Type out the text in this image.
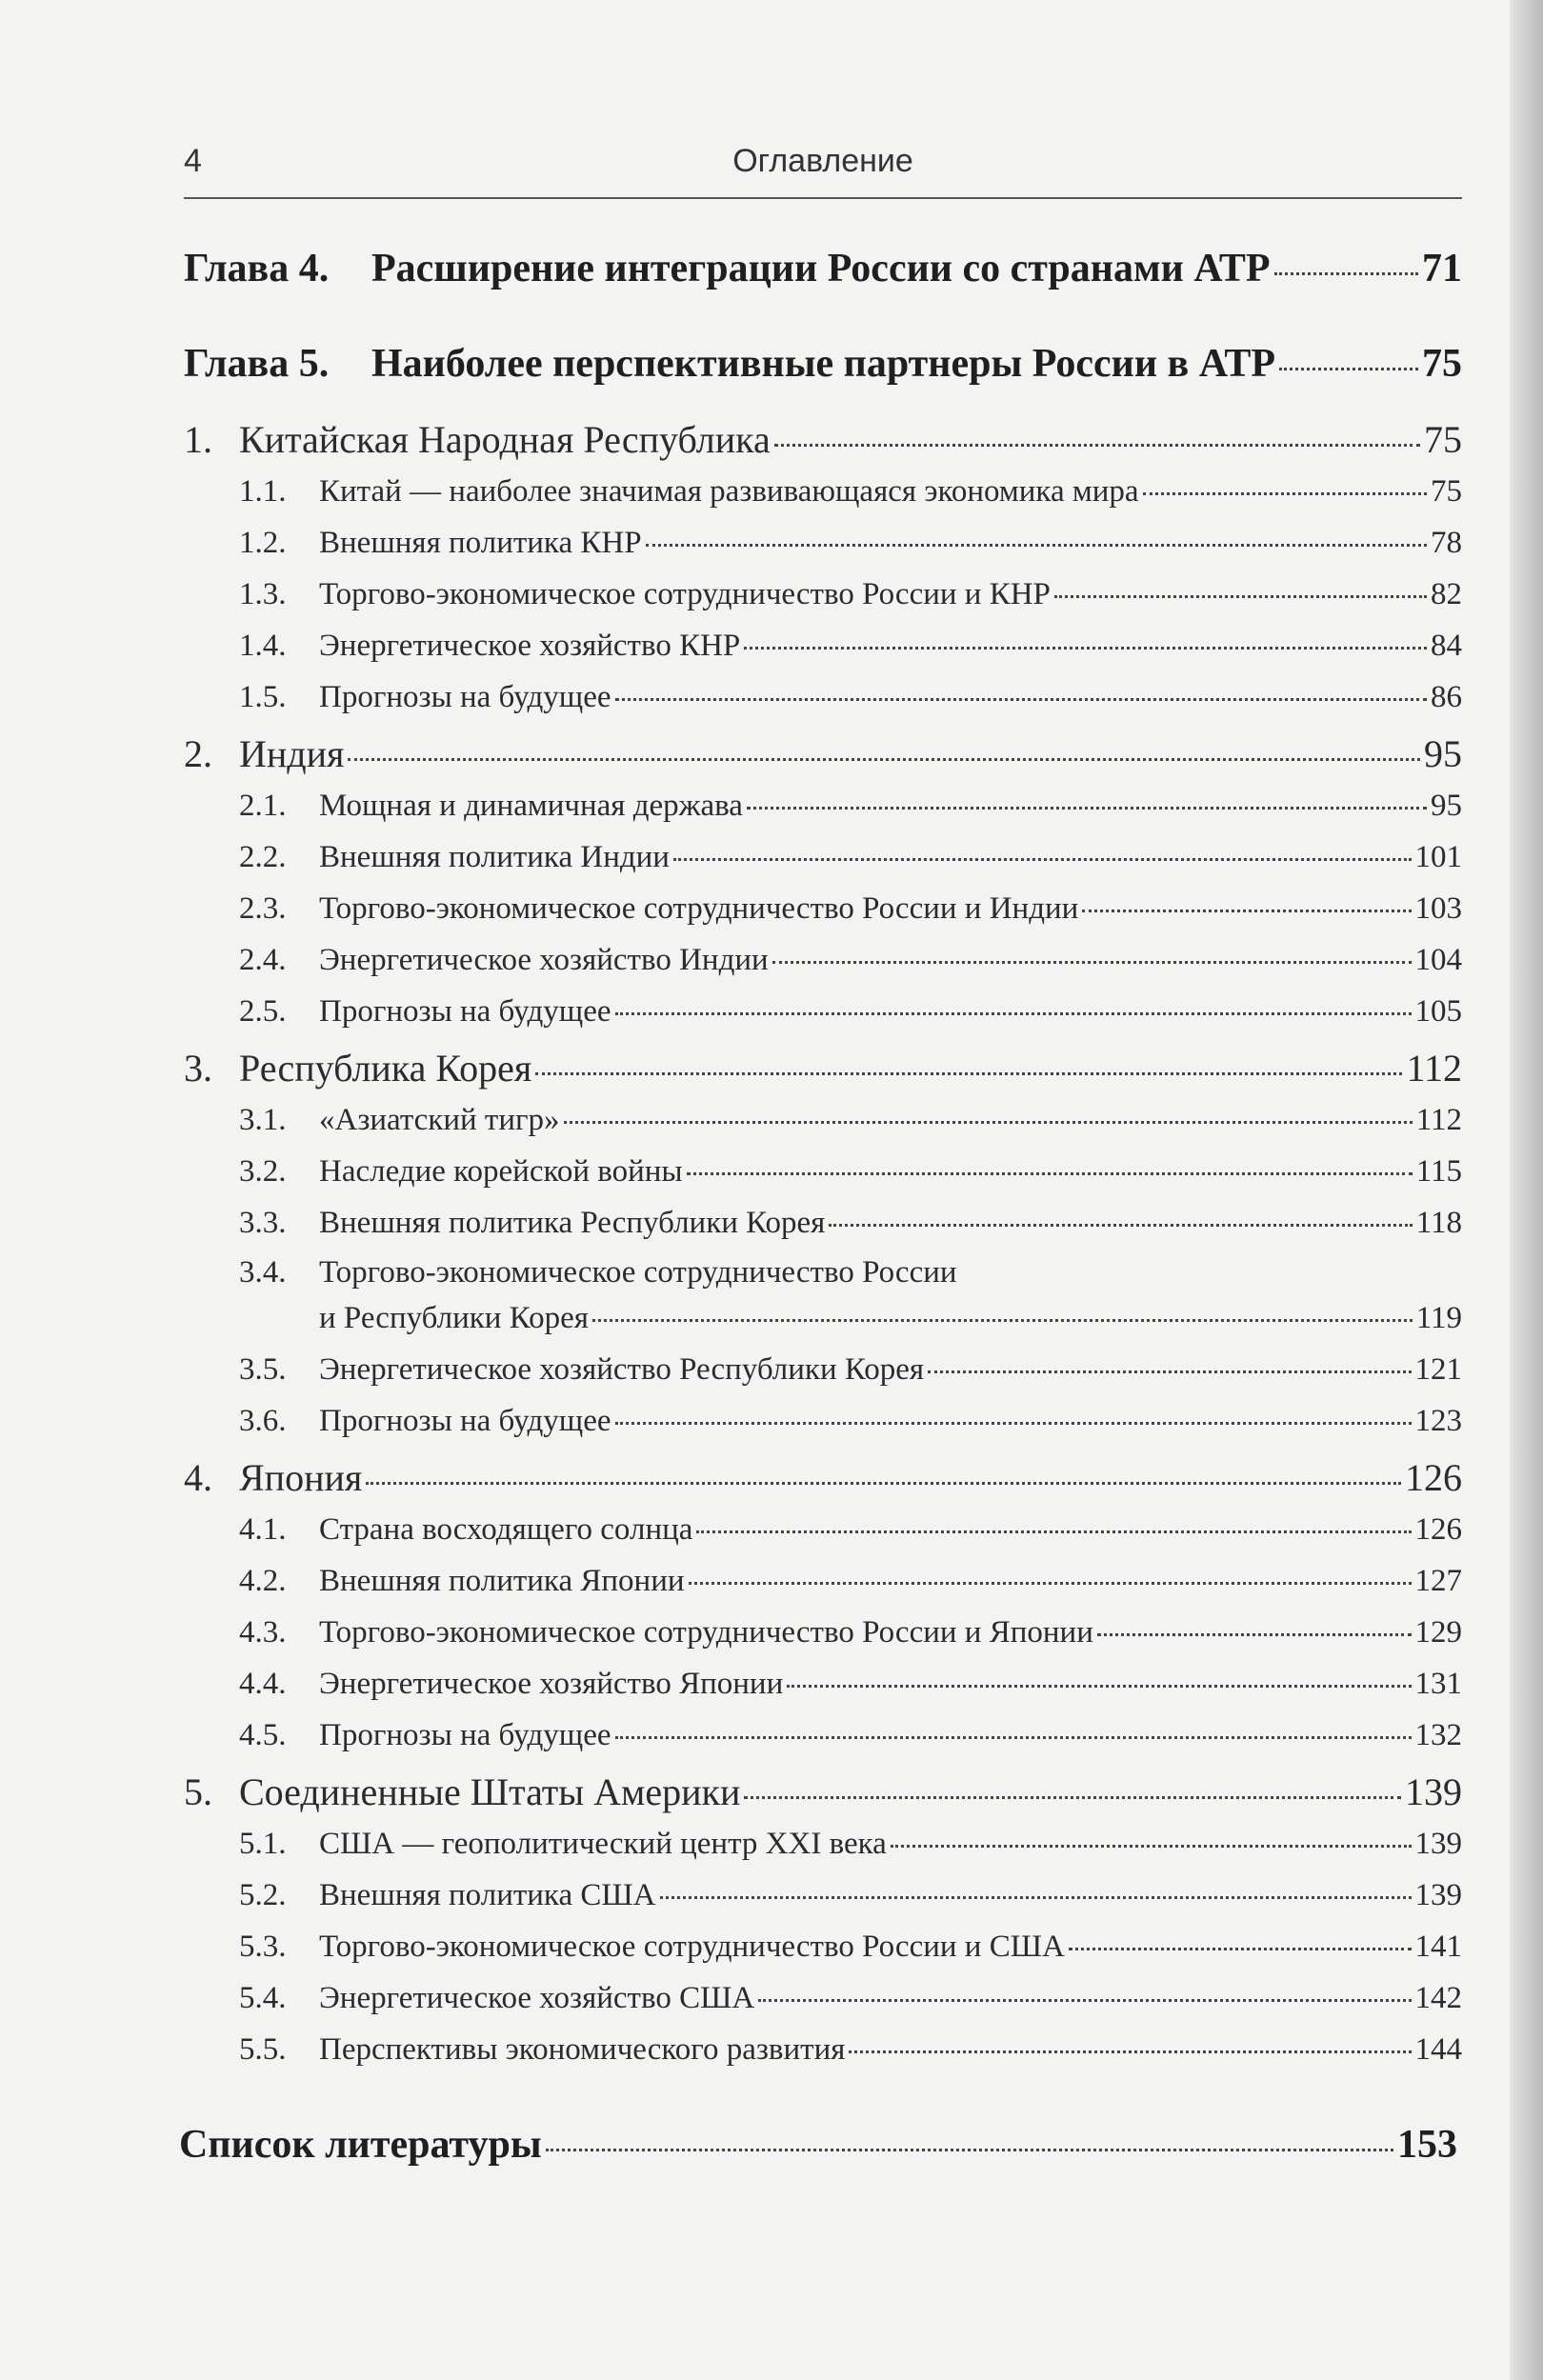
4	Оглавление
Глава 4.	Расширение интеграции России со странами АТР	71
Глава 5.	Наиболее перспективные партнеры России в АТР	75
1. Китайская Народная Республика	75
1.1.	Китай — наиболее значимая развивающаяся экономика мира	75
1.2.	Внешняя политика КНР	78
1.3.	Торгово-экономическое сотрудничество России и КНР	82
1.4.	Энергетическое хозяйство КНР	84
1.5.	Прогнозы на будущее	86
2. Индия	95
2.1.	Мощная и динамичная держава	95
2.2.	Внешняя политика Индии	101
2.3.	Торгово-экономическое сотрудничество России и Индии	103
2.4.	Энергетическое хозяйство Индии	104
2.5.	Прогнозы на будущее	105
3. Республика Корея	112
3.1.	«Азиатский тигр»	112
3.2.	Наследие корейской войны	115
3.3.	Внешняя политика Республики Корея	118
3.4. Торгово-экономическое сотрудничество России
и Республики Корея	119
3.5.	Энергетическое хозяйство Республики Корея	121
3.6.	Прогнозы на будущее	123
4. Япония	126
4.1.	Страна восходящего солнца	126
4.2.	Внешняя политика Японии	127
4.3.	Торгово-экономическое сотрудничество России и Японии	129
4.4.	Энергетическое хозяйство Японии	131
4.5.	Прогнозы на будущее	132
5. Соединенные Штаты Америки	139
5.1.	США — геополитический центр XXI века	139
5.2.	Внешняя политика США	139
5.3.	Торгово-экономическое сотрудничество России и США	141
5.4.	Энергетическое хозяйство США	142
5.5.	Перспективы экономического развития	144
Список литературы	153
